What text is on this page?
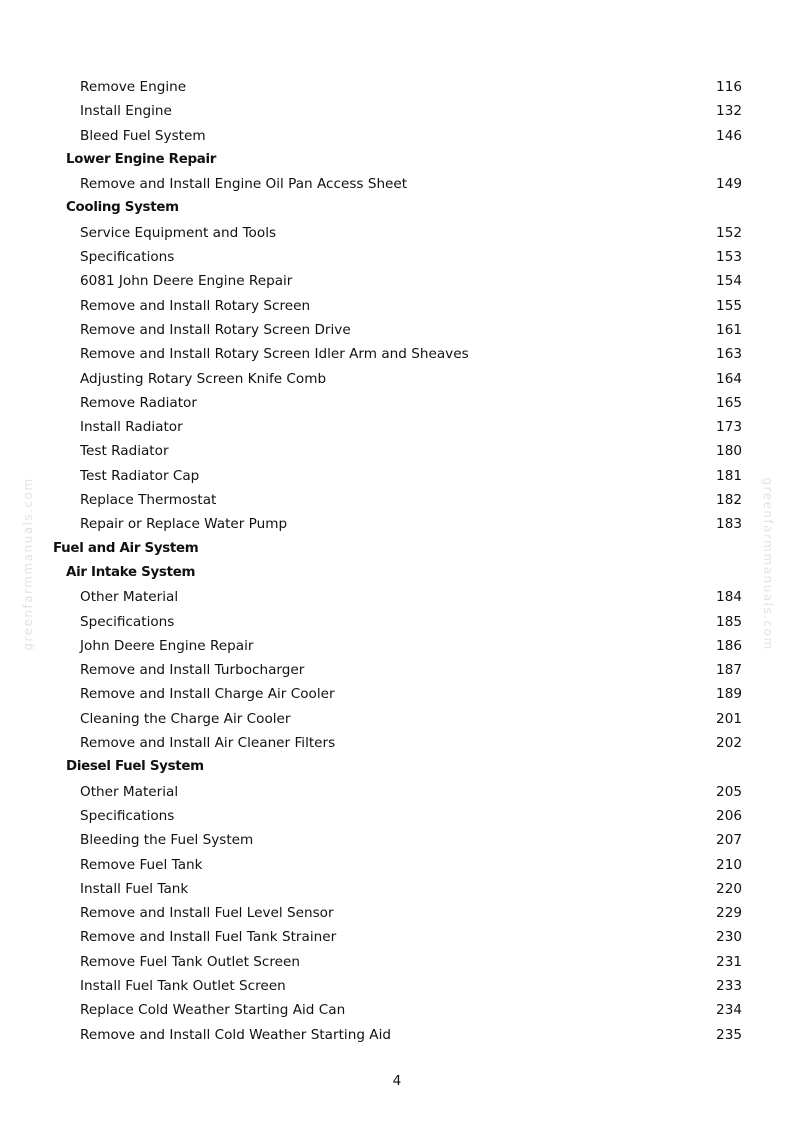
greenfarmmanuals.com	greenfarmmanuals.com
Remove Engine	116
Install Engine	132
Bleed Fuel System	146
Lower Engine Repair
Remove and Install Engine Oil Pan Access Sheet	149
Cooling System
Service Equipment and Tools	152
Specifications	153
6081 John Deere Engine Repair	154
Remove and Install Rotary Screen	155
Remove and Install Rotary Screen Drive	161
Remove and Install Rotary Screen Idler Arm and Sheaves	163
Adjusting Rotary Screen Knife Comb	164
Remove Radiator	165
Install Radiator	173
Test Radiator	180
Test Radiator Cap	181
Replace Thermostat	182
Repair or Replace Water Pump	183
Fuel and Air System
Air Intake System
Other Material	184
Specifications	185
John Deere Engine Repair	186
Remove and Install Turbocharger	187
Remove and Install Charge Air Cooler	189
Cleaning the Charge Air Cooler	201
Remove and Install Air Cleaner Filters	202
Diesel Fuel System
Other Material	205
Specifications	206
Bleeding the Fuel System	207
Remove Fuel Tank	210
Install Fuel Tank	220
Remove and Install Fuel Level Sensor	229
Remove and Install Fuel Tank Strainer	230
Remove Fuel Tank Outlet Screen	231
Install Fuel Tank Outlet Screen	233
Replace Cold Weather Starting Aid Can	234
Remove and Install Cold Weather Starting Aid	235
4
